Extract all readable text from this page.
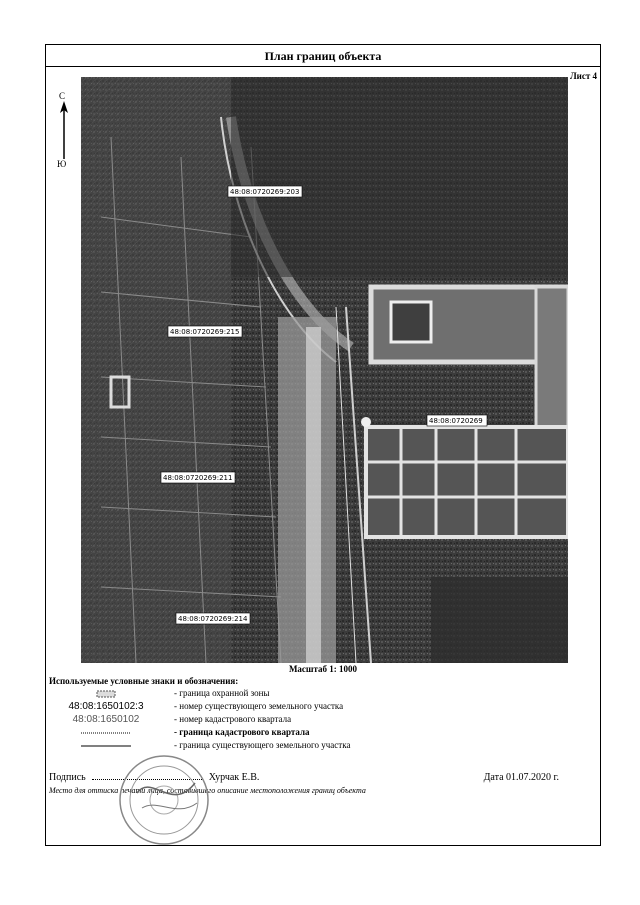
План границ объекта
Лист 4
С
Ю
48:08:0720269:203
48:08:0720269:215
48:08:0720269:211
48:08:0720269:214
48:08:0720269
Масштаб 1: 1000
Используемые условные знаки и обозначения:
- граница охранной зоны
48:08:1650102:3	- номер существующего земельного участка
48:08:1650102	- номер кадастрового квартала
- граница кадастрового квартала
- граница существующего земельного участка
Подпись	Хурчак Е.В.	Дата 01.07.2020 г.
Место для оттиска печати лица, составившего описание местоположения границ объекта
